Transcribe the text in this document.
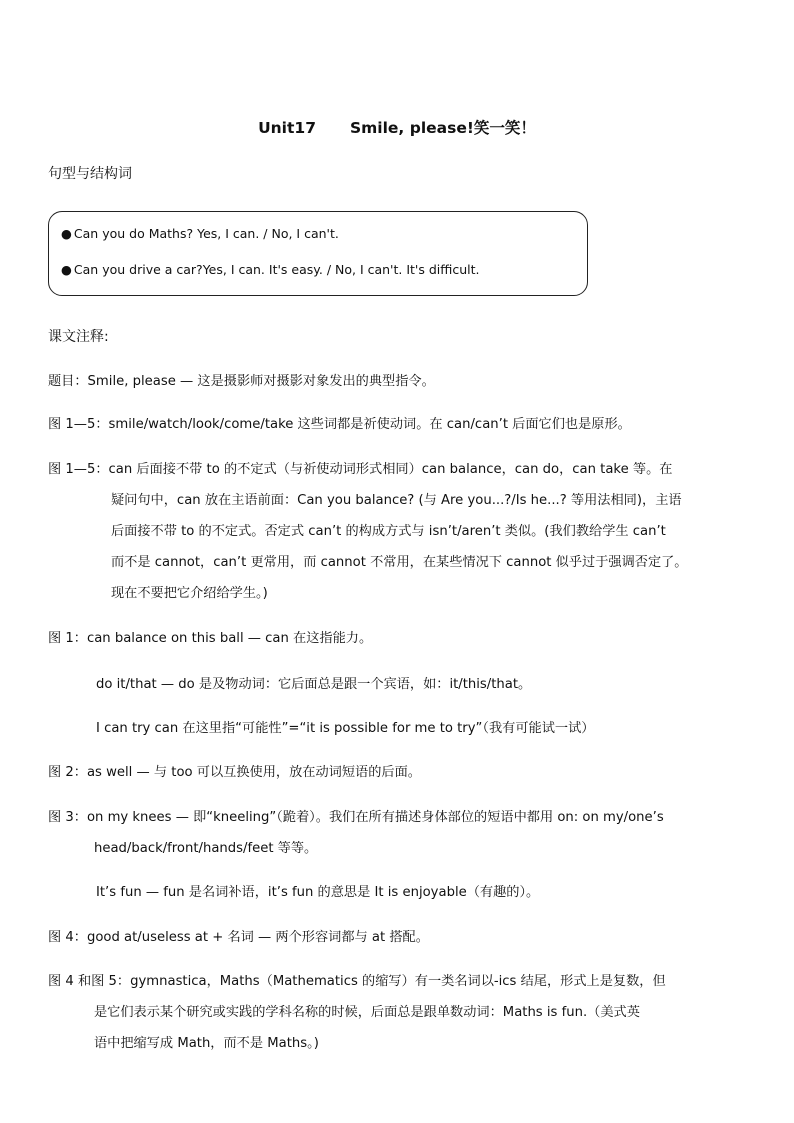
Unit17 Smile, please!笑一笑！
句型与结构词
● Can you do Maths? Yes, I can. / No, I can't.
● Can you drive a car?Yes, I can. It's easy. / No, I can't. It's difficult.
课文注释:
题目：Smile, please — 这是摄影师对摄影对象发出的典型指令。
图 1—5：smile/watch/look/come/take 这些词都是祈使动词。在 can/can’t 后面它们也是原形。
图 1—5：can 后面接不带 to 的不定式（与祈使动词形式相同）can balance，can do，can take 等。在
疑问句中，can 放在主语前面：Can you balance? (与 Are you...?/Is he...? 等用法相同)，主语
后面接不带 to 的不定式。否定式 can’t 的构成方式与 isn’t/aren’t 类似。(我们教给学生 can’t
而不是 cannot，can’t 更常用，而 cannot 不常用，在某些情况下 cannot 似乎过于强调否定了。
现在不要把它介绍给学生。)
图 1：can balance on this ball — can 在这指能力。
do it/that — do 是及物动词：它后面总是跟一个宾语，如：it/this/that。
I can try can 在这里指“可能性”=“it is possible for me to try”（我有可能试一试）
图 2：as well — 与 too 可以互换使用，放在动词短语的后面。
图 3：on my knees — 即“kneeling”（跪着）。我们在所有描述身体部位的短语中都用 on: on my/one’s
head/back/front/hands/feet 等等。
It’s fun — fun 是名词补语，it’s fun 的意思是 It is enjoyable（有趣的）。
图 4：good at/useless at + 名词 — 两个形容词都与 at 搭配。
图 4 和图 5：gymnastica，Maths（Mathematics 的缩写）有一类名词以-ics 结尾，形式上是复数，但
是它们表示某个研究或实践的学科名称的时候，后面总是跟单数动词：Maths is fun.（美式英
语中把缩写成 Math，而不是 Maths。)
